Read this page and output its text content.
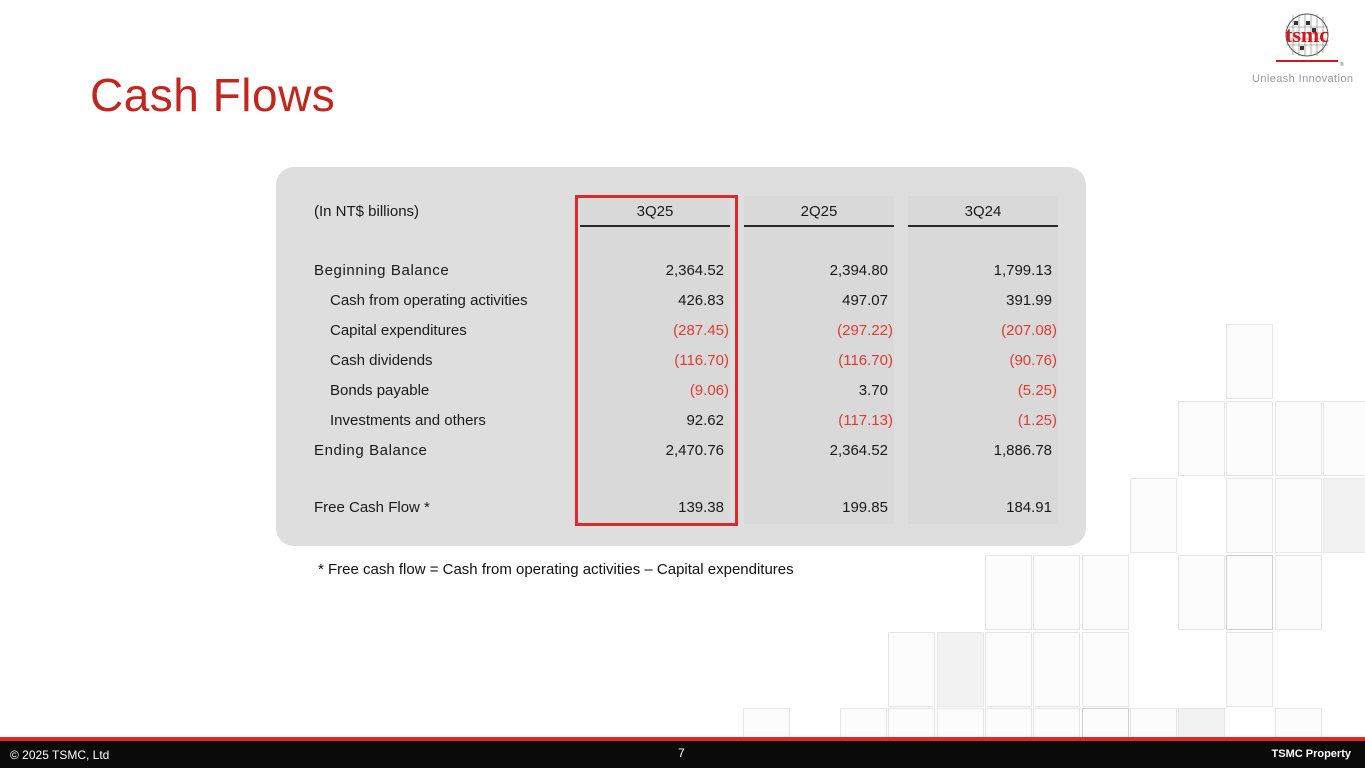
Cash Flows
tsmc
®
Unleash Innovation
(In NT$ billions)	3Q25	2Q25	3Q24
Beginning Balance	2,364.52	2,394.80	1,799.13
Cash from operating activities	426.83	497.07	391.99
Capital expenditures	(287.45)	(297.22)	(207.08)
Cash dividends	(116.70)	(116.70)	(90.76)
Bonds payable	(9.06)	3.70	(5.25)
Investments and others	92.62	(117.13)	(1.25)
Ending Balance	2,470.76	2,364.52	1,886.78
Free Cash Flow *	139.38	199.85	184.91
* Free cash flow = Cash from operating activities – Capital expenditures
© 2025 TSMC, Ltd	7	TSMC Property
